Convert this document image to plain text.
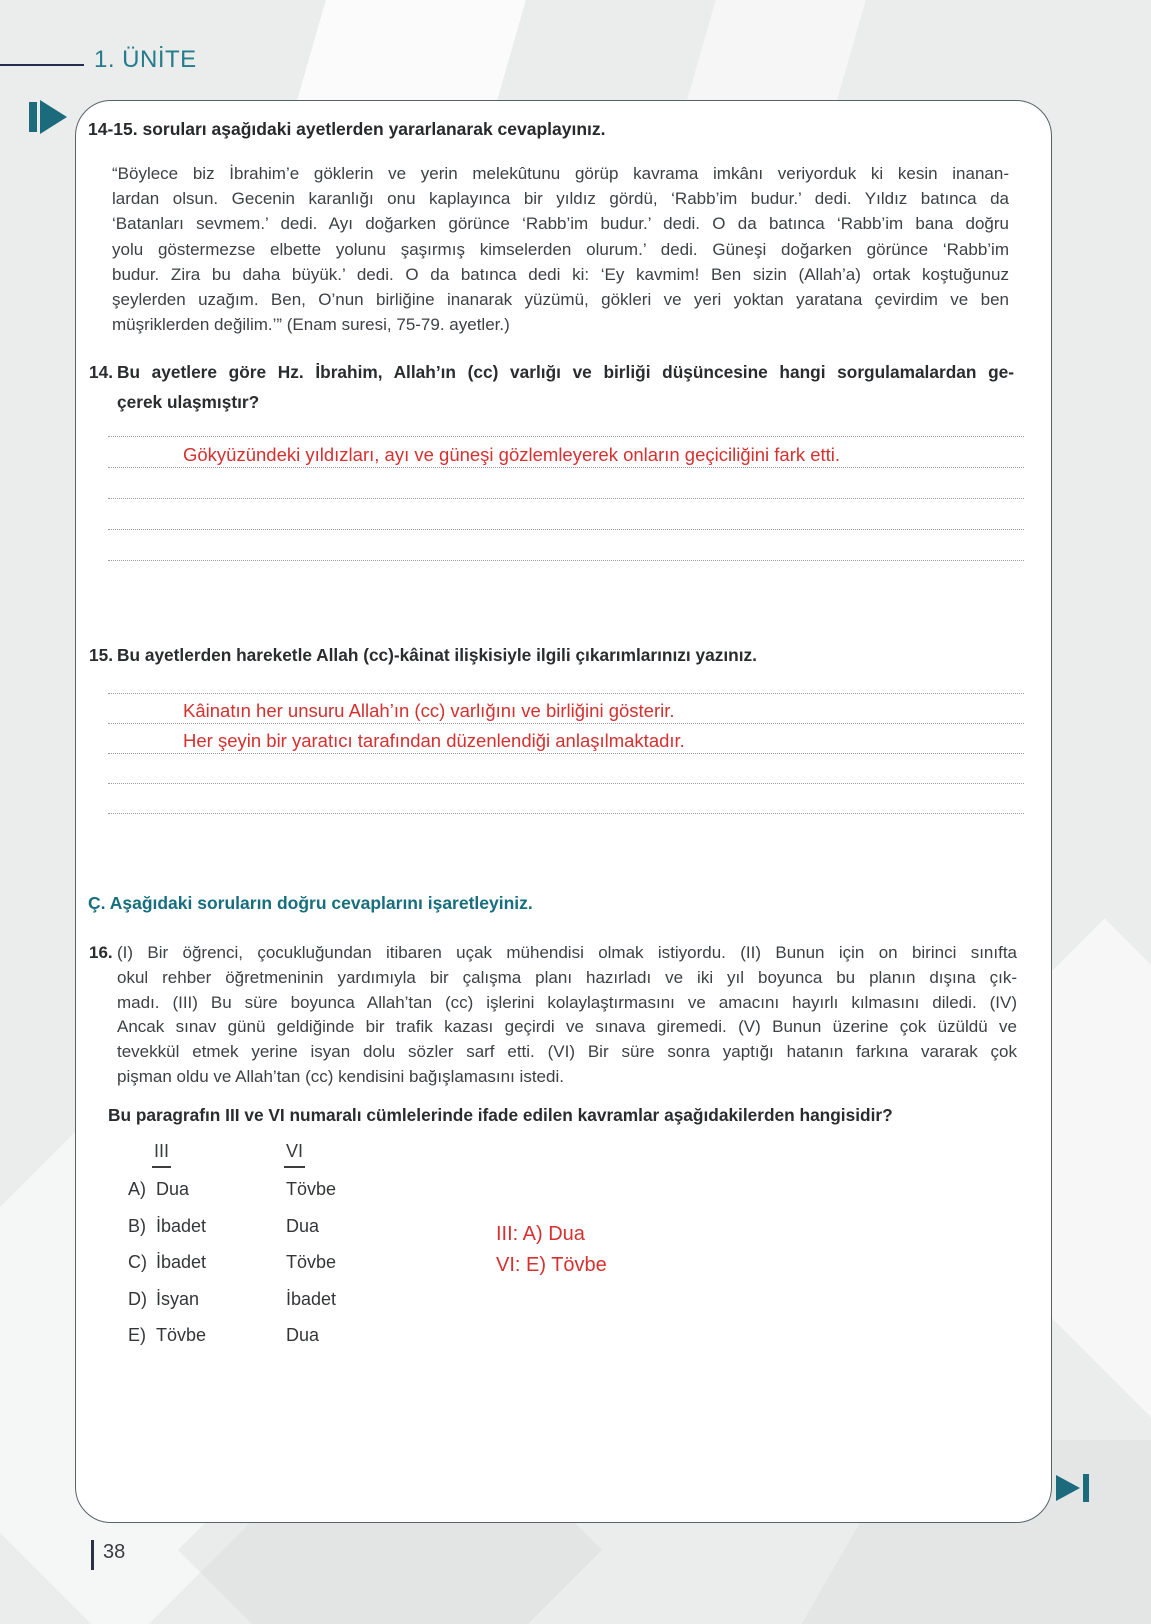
1. ÜNİTE
14-15. soruları aşağıdaki ayetlerden yararlanarak cevaplayınız.
“Böylece biz İbrahim’e göklerin ve yerin melekûtunu görüp kavrama imkânı veriyorduk ki kesin inanan-
lardan olsun. Gecenin karanlığı onu kaplayınca bir yıldız gördü, ‘Rabb’im budur.’ dedi. Yıldız batınca da
‘Batanları sevmem.’ dedi. Ayı doğarken görünce ‘Rabb’im budur.’ dedi. O da batınca ‘Rabb’im bana doğru
yolu göstermezse elbette yolunu şaşırmış kimselerden olurum.’ dedi. Güneşi doğarken görünce ‘Rabb’im
budur. Zira bu daha büyük.’ dedi. O da batınca dedi ki: ‘Ey kavmim! Ben sizin (Allah’a) ortak koştuğunuz
şeylerden uzağım. Ben, O’nun birliğine inanarak yüzümü, gökleri ve yeri yoktan yaratana çevirdim ve ben
müşriklerden değilim.’” (Enam suresi, 75-79. ayetler.)
14. Bu ayetlere göre Hz. İbrahim, Allah’ın (cc) varlığı ve birliği düşüncesine hangi sorgulamalardan ge-
çerek ulaşmıştır?
Gökyüzündeki yıldızları, ayı ve güneşi gözlemleyerek onların geçiciliğini fark etti.
15. Bu ayetlerden hareketle Allah (cc)-kâinat ilişkisiyle ilgili çıkarımlarınızı yazınız.
Kâinatın her unsuru Allah’ın (cc) varlığını ve birliğini gösterir.
Her şeyin bir yaratıcı tarafından düzenlendiği anlaşılmaktadır.
Ç. Aşağıdaki soruların doğru cevaplarını işaretleyiniz.
16. (I) Bir öğrenci, çocukluğundan itibaren uçak mühendisi olmak istiyordu. (II) Bunun için on birinci sınıfta
okul rehber öğretmeninin yardımıyla bir çalışma planı hazırladı ve iki yıl boyunca bu planın dışına çık-
madı. (III) Bu süre boyunca Allah’tan (cc) işlerini kolaylaştırmasını ve amacını hayırlı kılmasını diledi. (IV)
Ancak sınav günü geldiğinde bir trafik kazası geçirdi ve sınava giremedi. (V) Bunun üzerine çok üzüldü ve
tevekkül etmek yerine isyan dolu sözler sarf etti. (VI) Bir süre sonra yaptığı hatanın farkına vararak çok
pişman oldu ve Allah’tan (cc) kendisini bağışlamasını istedi.
Bu paragrafın III ve VI numaralı cümlelerinde ifade edilen kavramlar aşağıdakilerden hangisidir?
III	VI
A) Dua	Tövbe
B) İbadet	Dua
C) İbadet	Tövbe
D) İsyan	İbadet
E) Tövbe	Dua
III: A) Dua
VI: E) Tövbe
38
